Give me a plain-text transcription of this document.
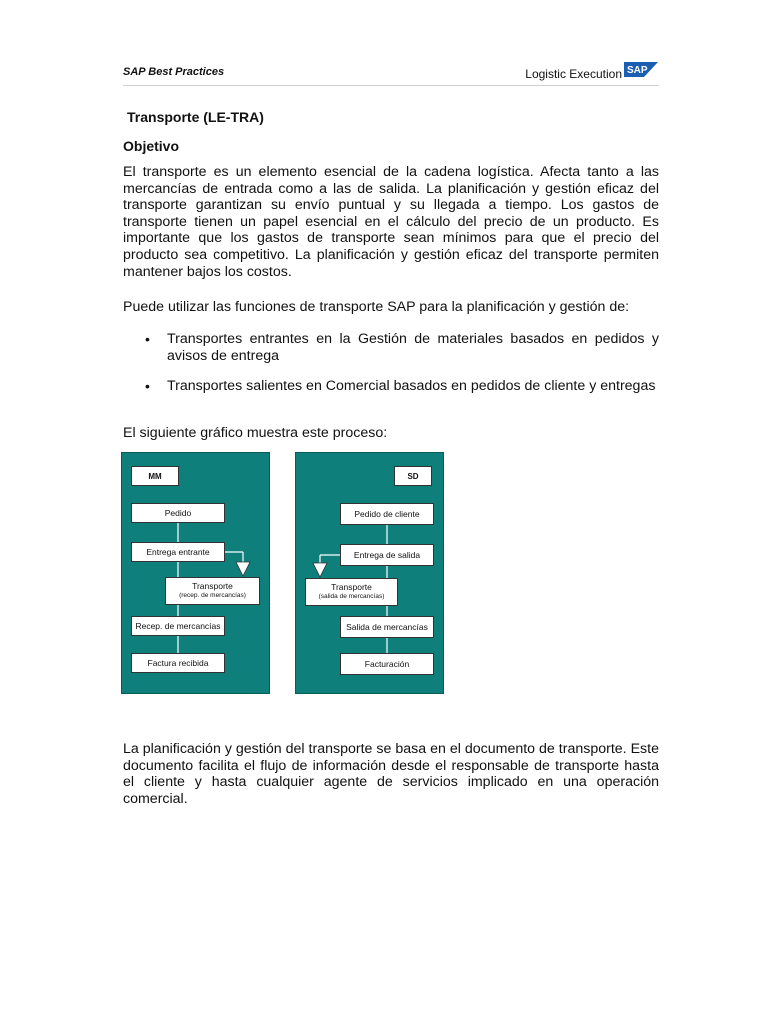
SAP Best Practices	Logistic Execution SAP
Transporte (LE-TRA)
Objetivo

El transporte es un elemento esencial de la cadena logística. Afecta tanto a las mercancías de entrada como a las de salida. La planificación y gestión eficaz del transporte garantizan su envío puntual y su llegada a tiempo. Los gastos de transporte tienen un papel esencial en el cálculo del precio de un producto. Es importante que los gastos de transporte sean mínimos para que el precio del producto sea competitivo. La planificación y gestión eficaz del transporte permiten mantener bajos los costos.

Puede utilizar las funciones de transporte SAP para la planificación y gestión de:

• Transportes entrantes en la Gestión de materiales basados en pedidos y avisos de entrega
• Transportes salientes en Comercial basados en pedidos de cliente y entregas

El siguiente gráfico muestra este proceso:

MM
Pedido
Entrega entrante
Transporte
(recep. de mercancías)
Recep. de mercancías
Factura recibida
SD
Pedido de cliente
Entrega de salida
Transporte
(salida de mercancías)
Salida de mercancías
Facturación

La planificación y gestión del transporte se basa en el documento de transporte. Este documento facilita el flujo de información desde el responsable de transporte hasta el cliente y hasta cualquier agente de servicios implicado en una operación comercial.
